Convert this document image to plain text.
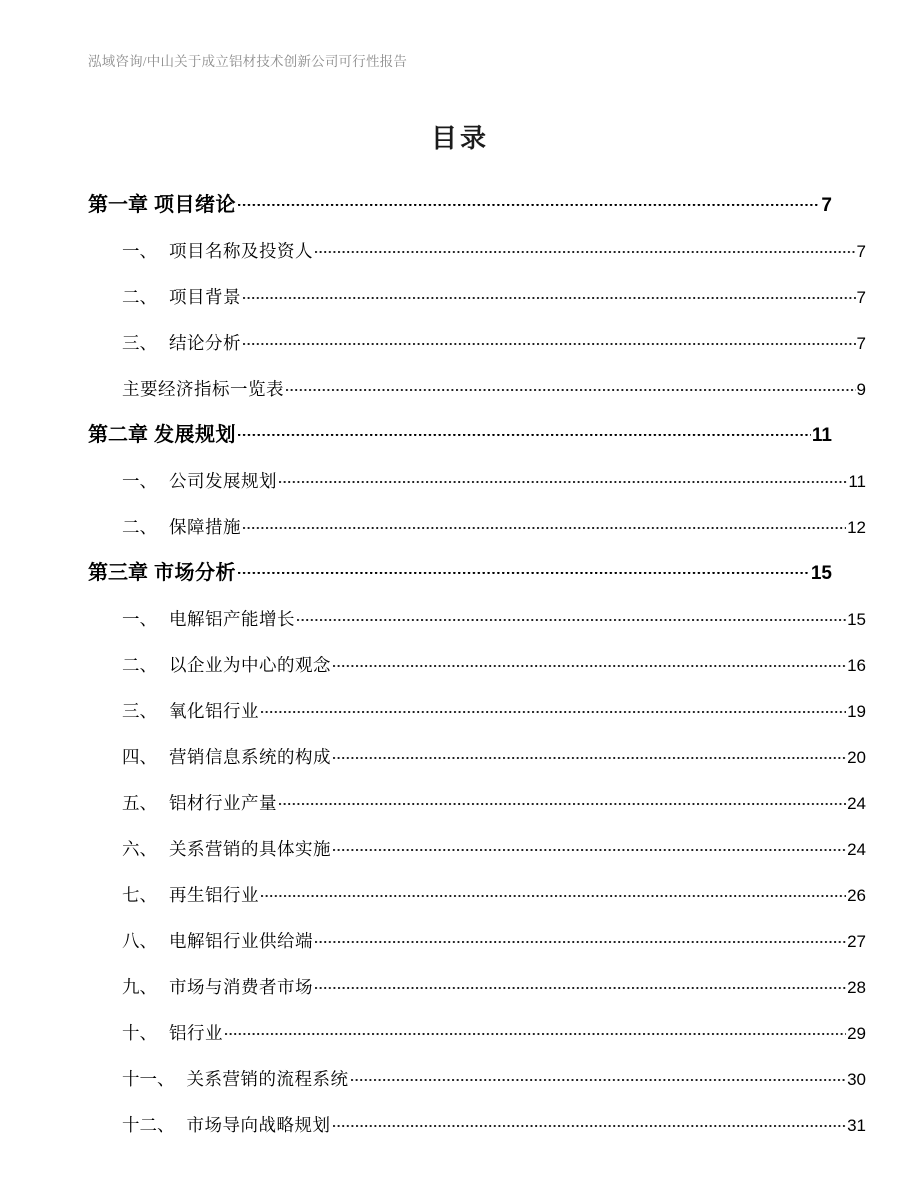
泓域咨询/中山关于成立铝材技术创新公司可行性报告
目录
第一章 项目绪论	7
一、 项目名称及投资人	7
二、 项目背景	7
三、 结论分析	7
主要经济指标一览表	9
第二章 发展规划	11
一、 公司发展规划	11
二、 保障措施	12
第三章 市场分析	15
一、 电解铝产能增长	15
二、 以企业为中心的观念	16
三、 氧化铝行业	19
四、 营销信息系统的构成	20
五、 铝材行业产量	24
六、 关系营销的具体实施	24
七、 再生铝行业	26
八、 电解铝行业供给端	27
九、 市场与消费者市场	28
十、 铝行业	29
十一、 关系营销的流程系统	30
十二、 市场导向战略规划	31
